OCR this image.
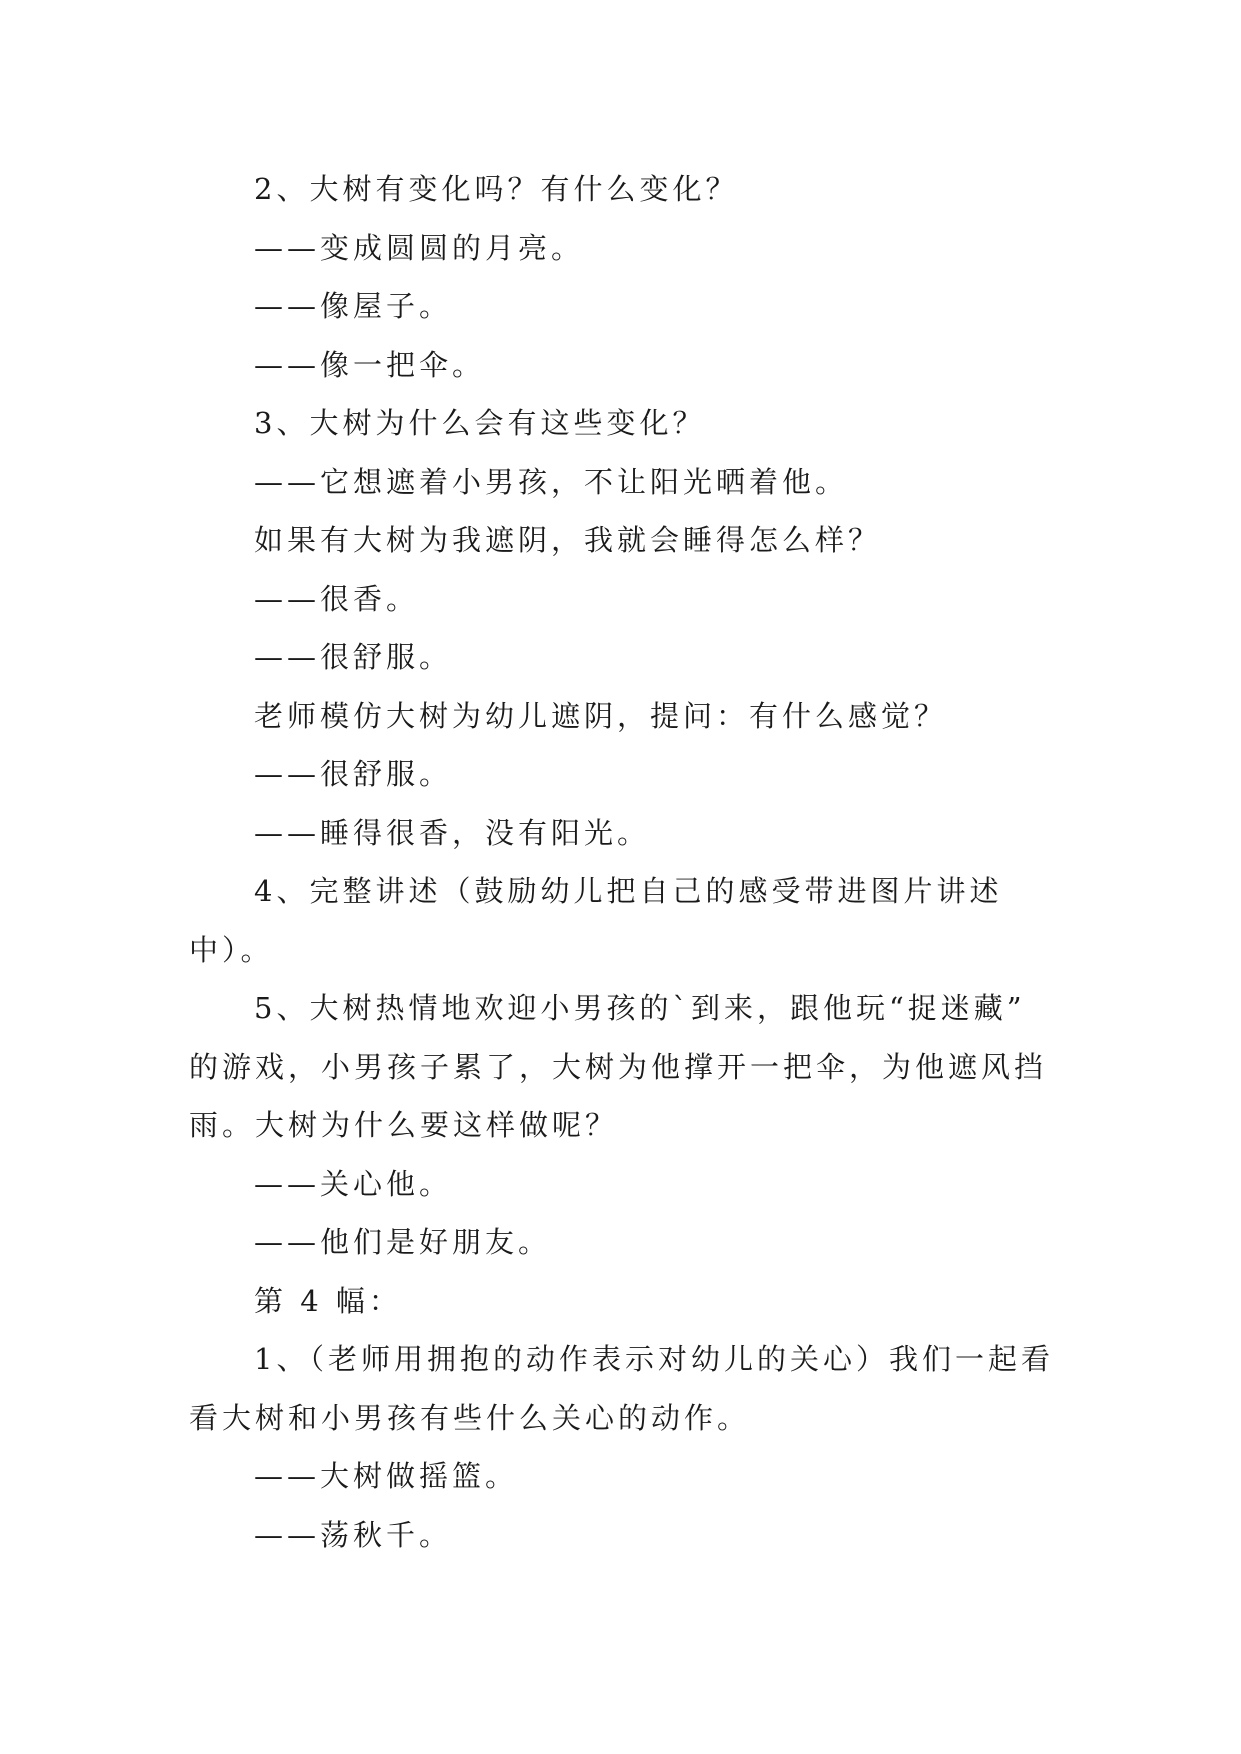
2、大树有变化吗？有什么变化？
——变成圆圆的月亮。
——像屋子。
——像一把伞。
3、大树为什么会有这些变化？
——它想遮着小男孩，不让阳光晒着他。
如果有大树为我遮阴，我就会睡得怎么样？
——很香。
——很舒服。
老师模仿大树为幼儿遮阴，提问：有什么感觉？
——很舒服。
——睡得很香，没有阳光。
4、完整讲述（鼓励幼儿把自己的感受带进图片讲述
中）。
5、大树热情地欢迎小男孩的`到来，跟他玩“捉迷藏”
的游戏，小男孩子累了，大树为他撑开一把伞，为他遮风挡
雨。大树为什么要这样做呢？
——关心他。
——他们是好朋友。
第 4 幅：
1、（老师用拥抱的动作表示对幼儿的关心）我们一起看
看大树和小男孩有些什么关心的动作。
——大树做摇篮。
——荡秋千。
